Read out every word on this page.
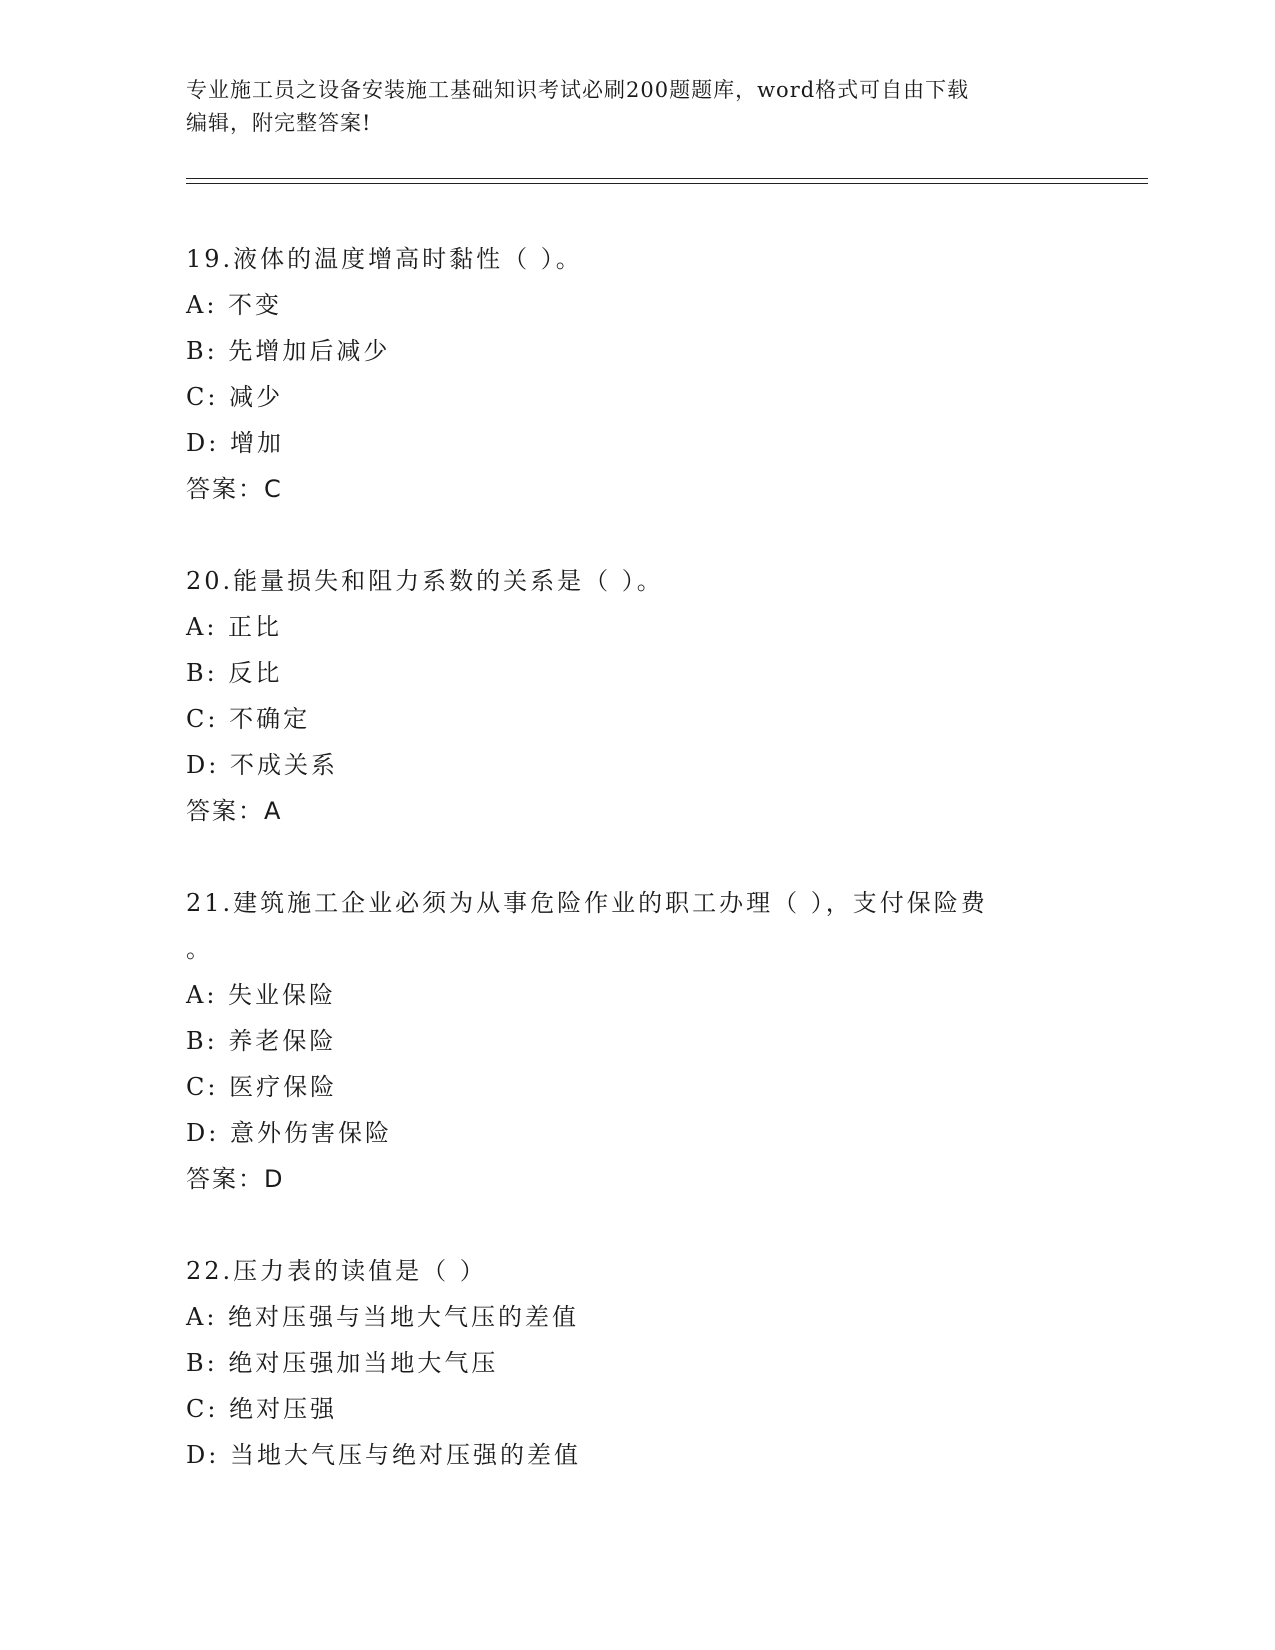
专业施工员之设备安装施工基础知识考试必刷200题题库，word格式可自由下载
编辑，附完整答案!
19.液体的温度增高时黏性（ ）。
A: 不变
B: 先增加后减少
C: 减少
D: 增加
答案：C
20.能量损失和阻力系数的关系是（ ）。
A: 正比
B: 反比
C: 不确定
D: 不成关系
答案：A
21.建筑施工企业必须为从事危险作业的职工办理（ ），支付保险费
。
A: 失业保险
B: 养老保险
C: 医疗保险
D: 意外伤害保险
答案：D
22.压力表的读值是（ ）
A: 绝对压强与当地大气压的差值
B: 绝对压强加当地大气压
C: 绝对压强
D: 当地大气压与绝对压强的差值
